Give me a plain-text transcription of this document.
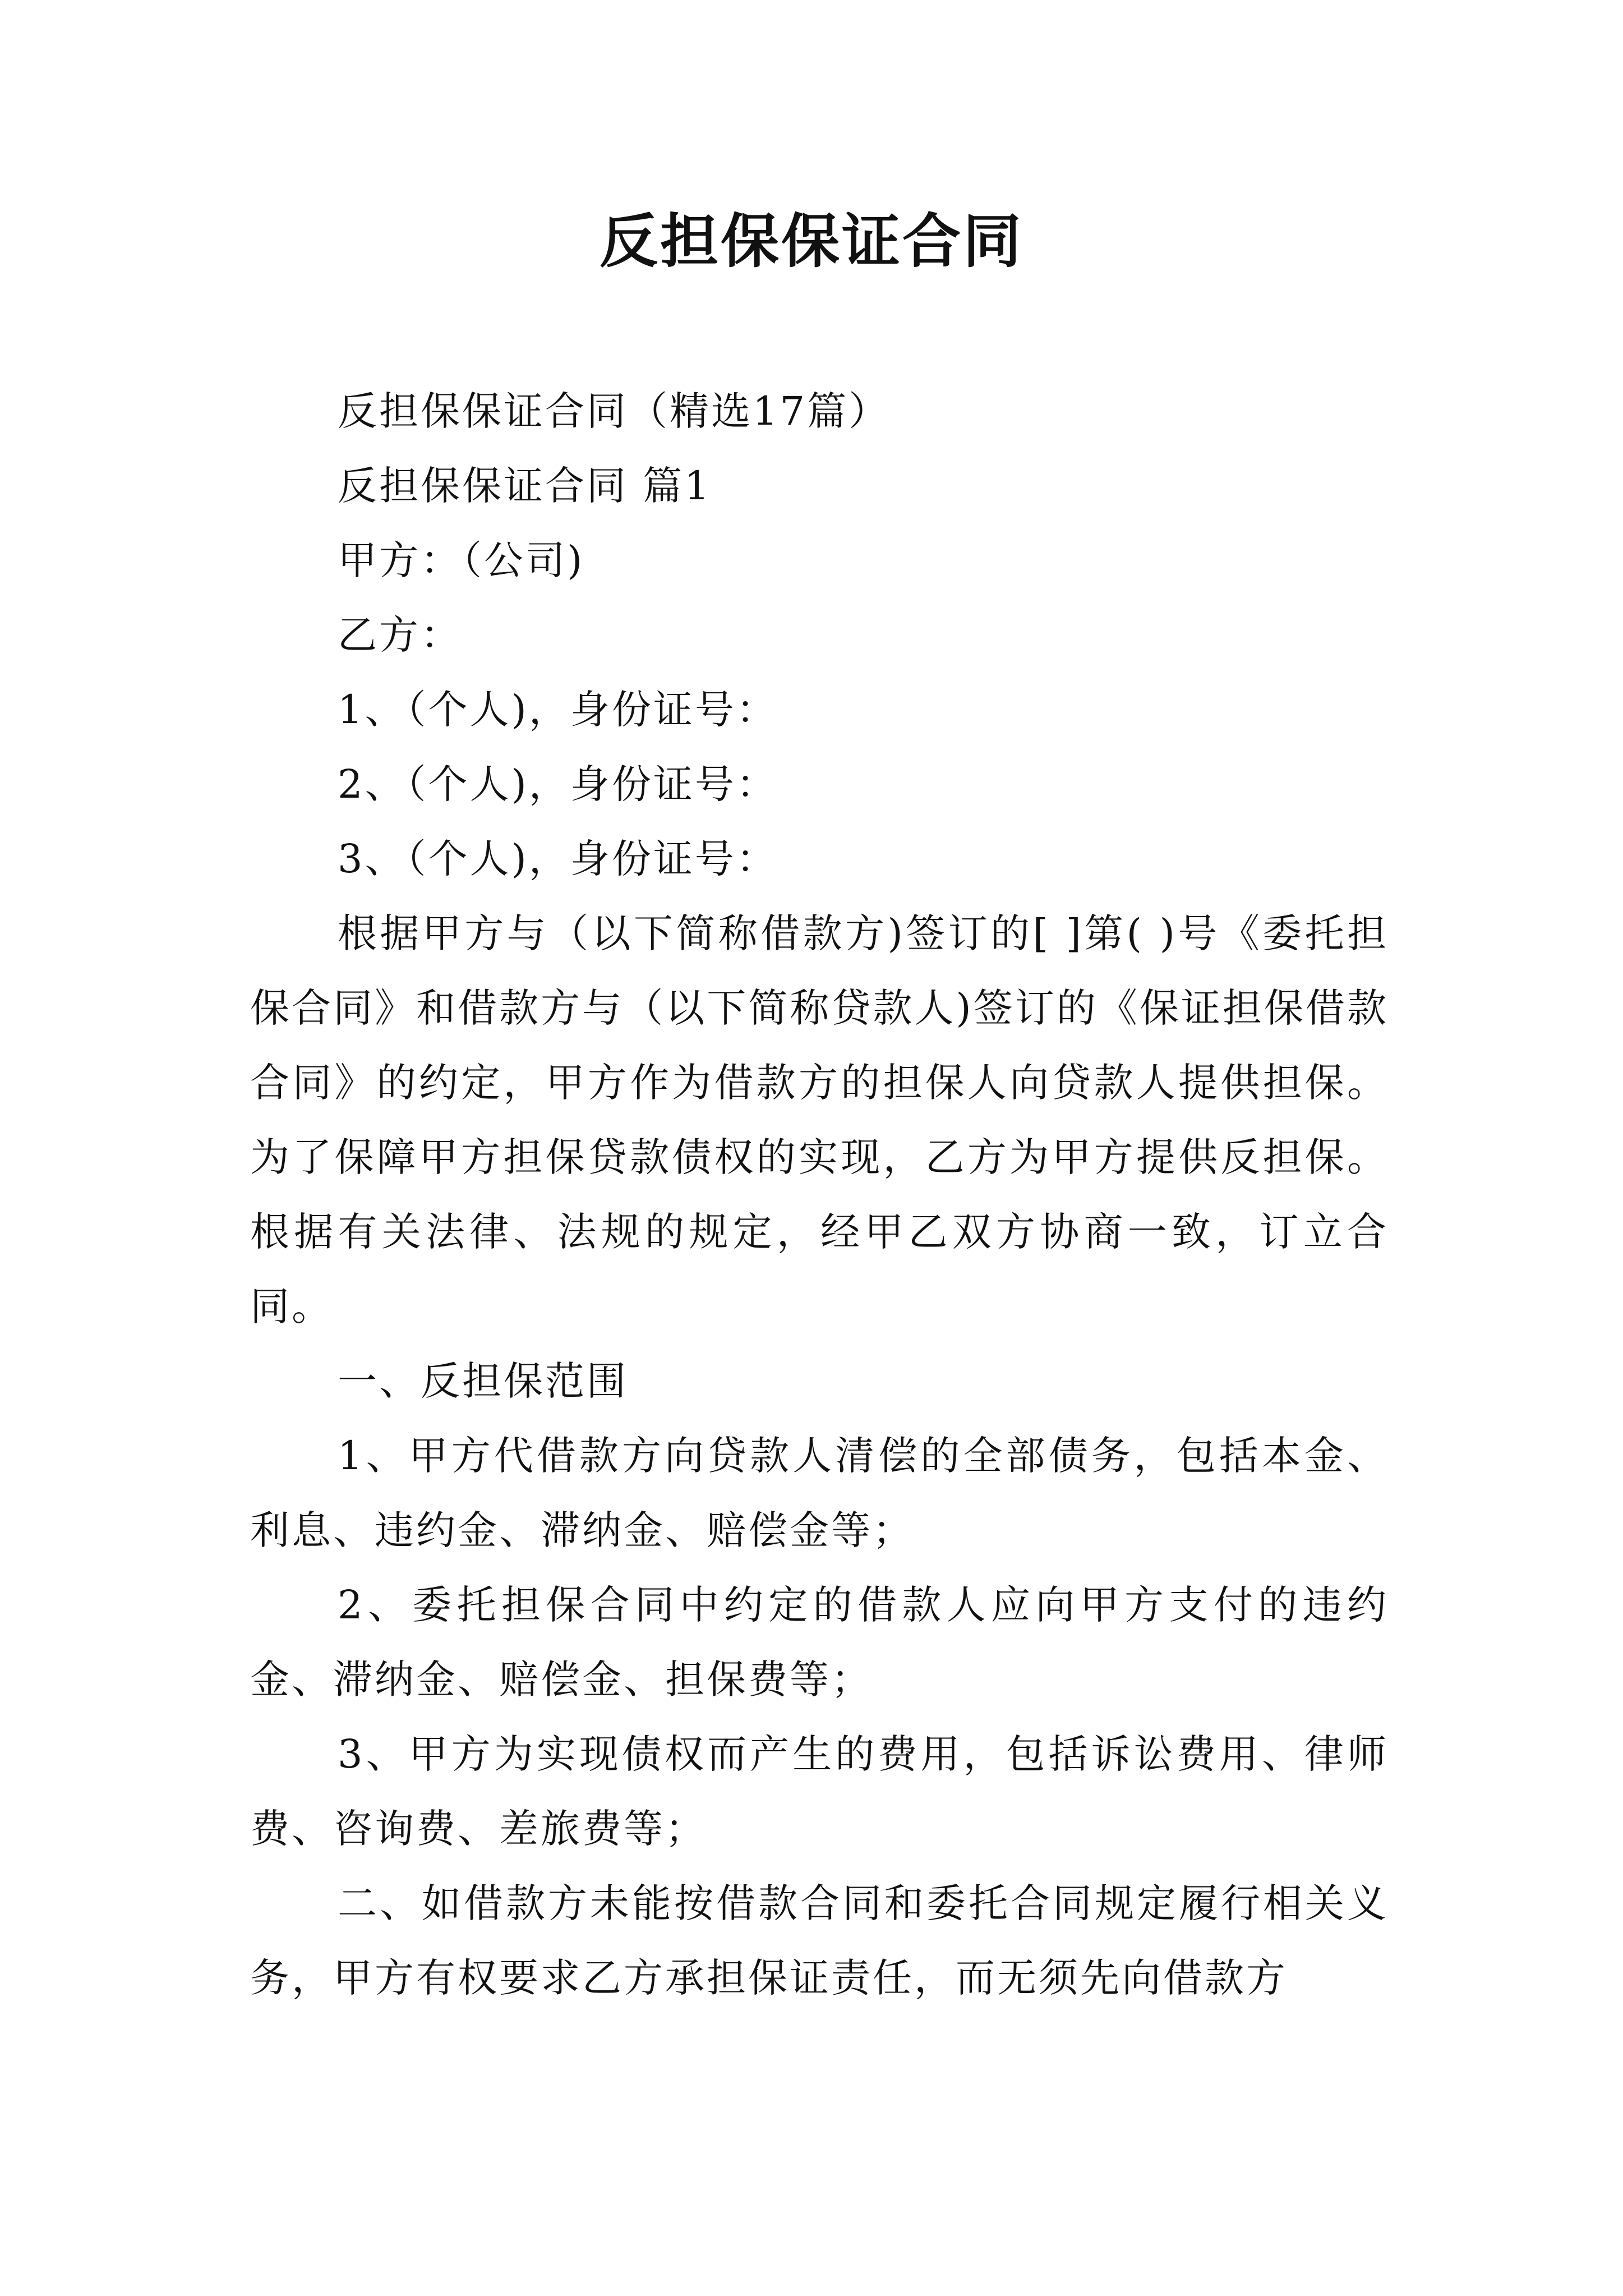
反担保保证合同

反担保保证合同（精选17篇）

反担保保证合同 篇1

甲方：（公司)

乙方：

1、（个人)，身份证号：

2、（个人)，身份证号：

3、（个人)，身份证号：

根据甲方与（以下简称借款方)签订的[ ]第( )号《委托担保合同》和借款方与（以下简称贷款人)签订的《保证担保借款合同》的约定，甲方作为借款方的担保人向贷款人提供担保。为了保障甲方担保贷款债权的实现，乙方为甲方提供反担保。根据有关法律、法规的规定，经甲乙双方协商一致，订立合同。

一、反担保范围

1、甲方代借款方向贷款人清偿的全部债务，包括本金、利息、违约金、滞纳金、赔偿金等；

2、委托担保合同中约定的借款人应向甲方支付的违约金、滞纳金、赔偿金、担保费等；

3、甲方为实现债权而产生的费用，包括诉讼费用、律师费、咨询费、差旅费等；

二、如借款方未能按借款合同和委托合同规定履行相关义务，甲方有权要求乙方承担保证责任，而无须先向借款方
